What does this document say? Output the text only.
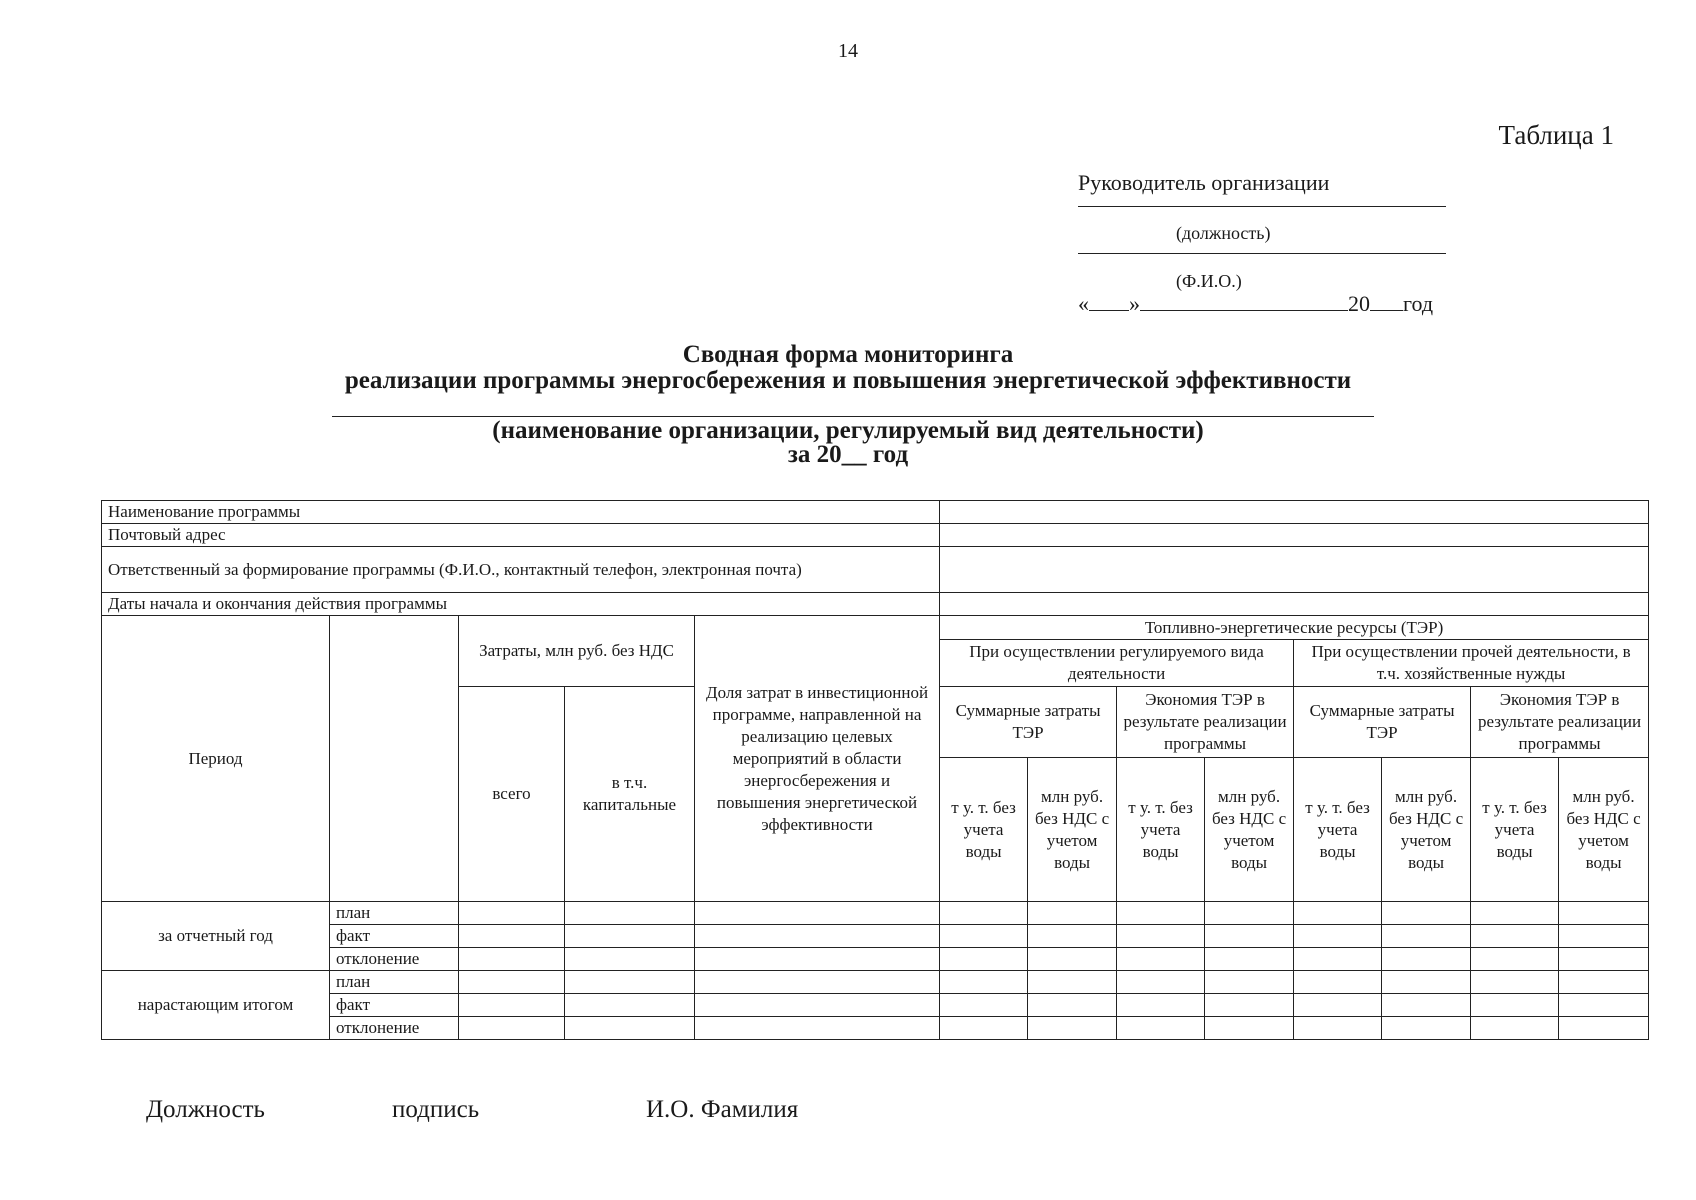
14
Таблица 1
Руководитель организации
(должность)
(Ф.И.О.)
« »	20 год
Сводная форма мониторинга
реализации программы энергосбережения и повышения энергетической эффективности
(наименование организации, регулируемый вид деятельности)
за 20__ год
Наименование программы												
Почтовый адрес												
Ответственный за формирование программы (Ф.И.О., контактный телефон, электронная почта)												
Даты начала и окончания действия программы												
Период		Затраты, млн руб. без НДС		Доля затрат в инвестиционной программе, направленной на реализацию целевых мероприятий в области энергосбережения и повышения энергетической эффективности	Топливно-энергетические ресурсы (ТЭР)							
					При осуществлении регулируемого вида деятельности				При осуществлении прочей деятельности, в т.ч. хозяйственные нужды			
		всего	в т.ч. капитальные		Суммарные затраты ТЭР		Экономия ТЭР в результате реализации программы		Суммарные затраты ТЭР		Экономия ТЭР в результате реализации программы	
					т у. т. без учета воды	млн руб. без НДС с учетом воды	т у. т. без учета воды	млн руб. без НДС с учетом воды	т у. т. без учета воды	млн руб. без НДС с учетом воды	т у. т. без учета воды	млн руб. без НДС с учетом воды
за отчетный год	план											
	факт											
	отклонение											
нарастающим итогом	план											
	факт											
	отклонение											
Должность	подпись	И.О. Фамилия
